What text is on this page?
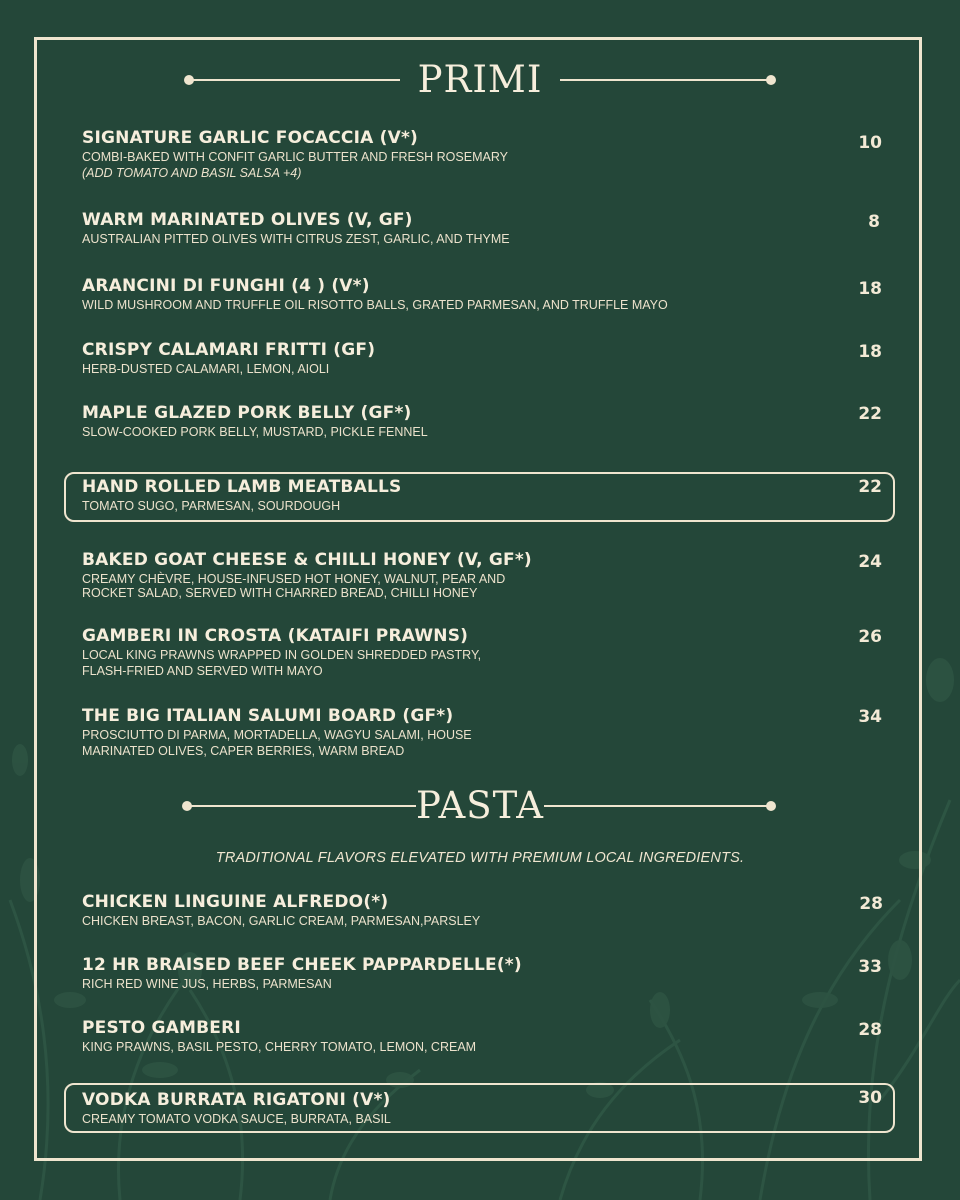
PRIMI
SIGNATURE GARLIC FOCACCIA (V*)
COMBI-BAKED WITH CONFIT GARLIC BUTTER AND FRESH ROSEMARY
(ADD TOMATO AND BASIL SALSA +4)
10
WARM MARINATED OLIVES (V, GF)
AUSTRALIAN PITTED OLIVES WITH CITRUS ZEST, GARLIC, AND THYME
8
ARANCINI DI FUNGHI (4 ) (V*)
WILD MUSHROOM AND TRUFFLE OIL RISOTTO BALLS, GRATED PARMESAN, AND TRUFFLE MAYO
18
CRISPY CALAMARI FRITTI (GF)
HERB-DUSTED CALAMARI, LEMON, AIOLI
18
MAPLE GLAZED PORK BELLY (GF*)
SLOW-COOKED PORK BELLY, MUSTARD, PICKLE FENNEL
22
HAND ROLLED LAMB MEATBALLS
TOMATO SUGO, PARMESAN, SOURDOUGH
22
BAKED GOAT CHEESE & CHILLI HONEY (V, GF*)
CREAMY CHÈVRE, HOUSE-INFUSED HOT HONEY, WALNUT, PEAR AND
ROCKET SALAD, SERVED WITH CHARRED BREAD, CHILLI HONEY
24
GAMBERI IN CROSTA (KATAIFI PRAWNS)
LOCAL KING PRAWNS WRAPPED IN GOLDEN SHREDDED PASTRY,
FLASH-FRIED AND SERVED WITH MAYO
26
THE BIG ITALIAN SALUMI BOARD (GF*)
PROSCIUTTO DI PARMA, MORTADELLA, WAGYU SALAMI, HOUSE
MARINATED OLIVES, CAPER BERRIES, WARM BREAD
34
PASTA
TRADITIONAL FLAVORS ELEVATED WITH PREMIUM LOCAL INGREDIENTS.
CHICKEN LINGUINE ALFREDO(*)
CHICKEN BREAST, BACON, GARLIC CREAM, PARMESAN,PARSLEY
28
12 HR BRAISED BEEF CHEEK PAPPARDELLE(*)
RICH RED WINE JUS, HERBS, PARMESAN
33
PESTO GAMBERI
KING PRAWNS, BASIL PESTO, CHERRY TOMATO, LEMON, CREAM
28
VODKA BURRATA RIGATONI (V*)
CREAMY TOMATO VODKA SAUCE, BURRATA, BASIL
30
